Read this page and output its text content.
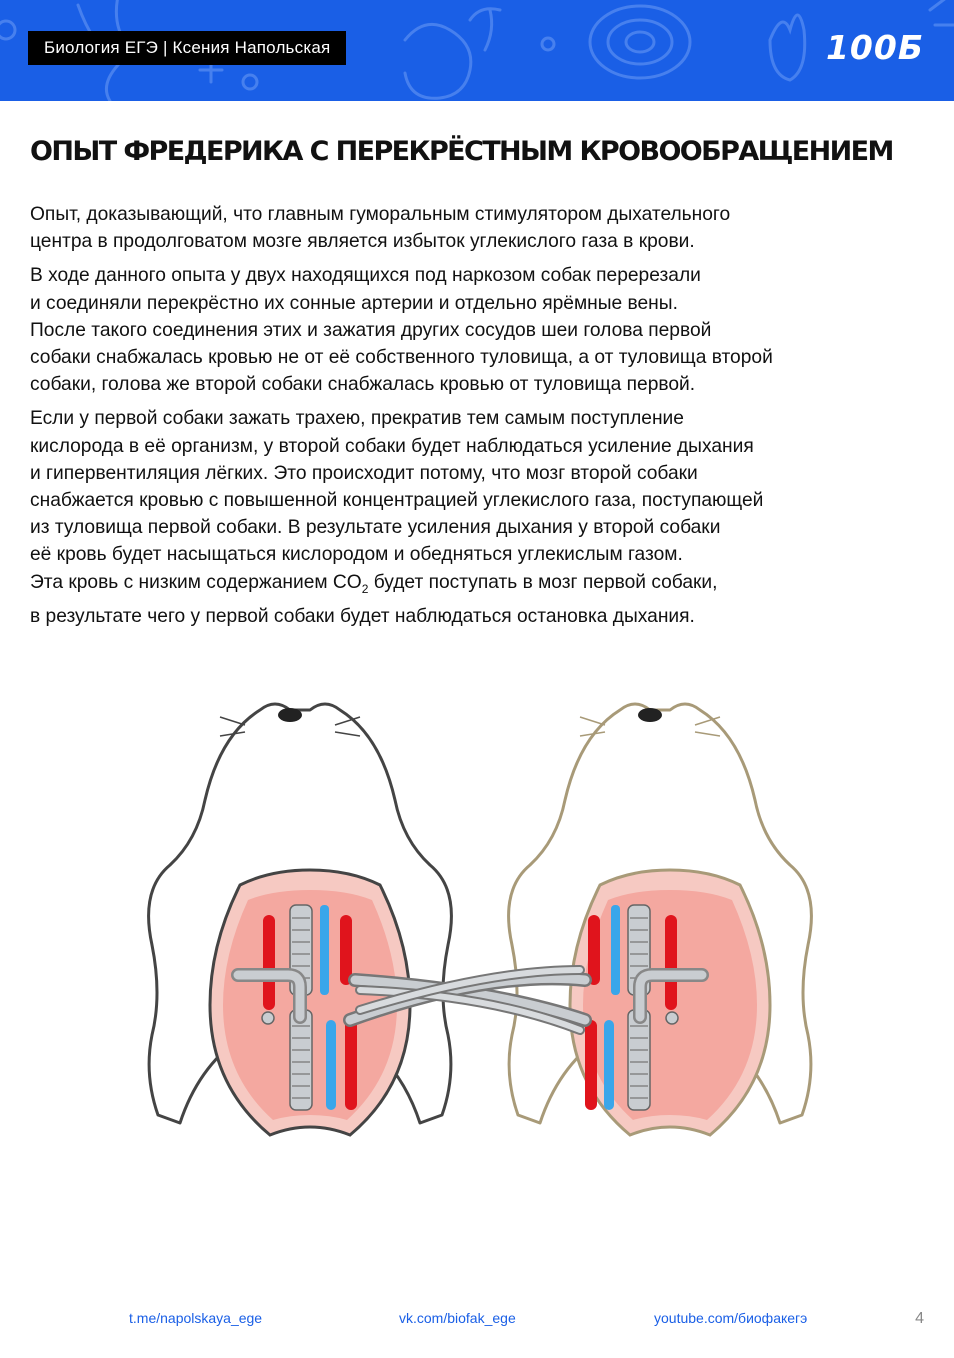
Биология ЕГЭ | Ксения Напольская	100Б
ОПЫТ ФРЕДЕРИКА С ПЕРЕКРЁСТНЫМ КРОВООБРАЩЕНИЕМ

Опыт, доказывающий, что главным гуморальным стимулятором дыхательного
центра в продолговатом мозге является избыток углекислого газа в крови.

В ходе данного опыта у двух находящихся под наркозом собак перерезали
и соединяли перекрёстно их сонные артерии и отдельно ярёмные вены.
После такого соединения этих и зажатия других сосудов шеи голова первой
собаки снабжалась кровью не от её собственного туловища, а от туловища второй
собаки, голова же второй собаки снабжалась кровью от туловища первой.

Если у первой собаки зажать трахею, прекратив тем самым поступление
кислорода в её организм, у второй собаки будет наблюдаться усиление дыхания
и гипервентиляция лёгких. Это происходит потому, что мозг второй собаки
снабжается кровью с повышенной концентрацией углекислого газа, поступающей
из туловища первой собаки. В результате усиления дыхания у второй собаки
её кровь будет насыщаться кислородом и обедняться углекислым газом.
Эта кровь с низким содержанием $CO_2$ будет поступать в мозг первой собаки,
в результате чего у первой собаки будет наблюдаться остановка дыхания.

t.me/napolskaya_ege	vk.com/biofak_ege	youtube.com/биофакегэ	4
